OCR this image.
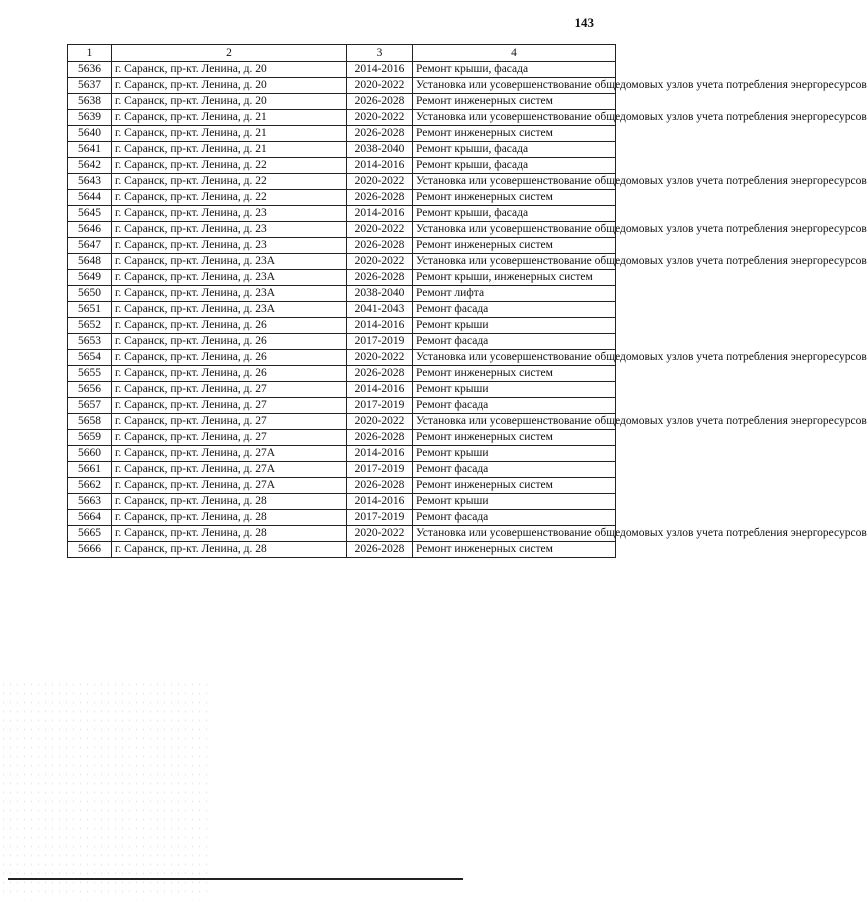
143
1	2	3	4
5636	г. Саранск, пр-кт. Ленина, д. 20	2014-2016	Ремонт крыши, фасада
5637	г. Саранск, пр-кт. Ленина, д. 20	2020-2022	Установка или усовершенствование общедомовых узлов учета потребления энергоресурсов
5638	г. Саранск, пр-кт. Ленина, д. 20	2026-2028	Ремонт инженерных систем
5639	г. Саранск, пр-кт. Ленина, д. 21	2020-2022	Установка или усовершенствование общедомовых узлов учета потребления энергоресурсов
5640	г. Саранск, пр-кт. Ленина, д. 21	2026-2028	Ремонт инженерных систем
5641	г. Саранск, пр-кт. Ленина, д. 21	2038-2040	Ремонт крыши, фасада
5642	г. Саранск, пр-кт. Ленина, д. 22	2014-2016	Ремонт крыши, фасада
5643	г. Саранск, пр-кт. Ленина, д. 22	2020-2022	Установка или усовершенствование общедомовых узлов учета потребления энергоресурсов
5644	г. Саранск, пр-кт. Ленина, д. 22	2026-2028	Ремонт инженерных систем
5645	г. Саранск, пр-кт. Ленина, д. 23	2014-2016	Ремонт крыши, фасада
5646	г. Саранск, пр-кт. Ленина, д. 23	2020-2022	Установка или усовершенствование общедомовых узлов учета потребления энергоресурсов
5647	г. Саранск, пр-кт. Ленина, д. 23	2026-2028	Ремонт инженерных систем
5648	г. Саранск, пр-кт. Ленина, д. 23А	2020-2022	Установка или усовершенствование общедомовых узлов учета потребления энергоресурсов
5649	г. Саранск, пр-кт. Ленина, д. 23А	2026-2028	Ремонт крыши, инженерных систем
5650	г. Саранск, пр-кт. Ленина, д. 23А	2038-2040	Ремонт лифта
5651	г. Саранск, пр-кт. Ленина, д. 23А	2041-2043	Ремонт фасада
5652	г. Саранск, пр-кт. Ленина, д. 26	2014-2016	Ремонт крыши
5653	г. Саранск, пр-кт. Ленина, д. 26	2017-2019	Ремонт фасада
5654	г. Саранск, пр-кт. Ленина, д. 26	2020-2022	Установка или усовершенствование общедомовых узлов учета потребления энергоресурсов
5655	г. Саранск, пр-кт. Ленина, д. 26	2026-2028	Ремонт инженерных систем
5656	г. Саранск, пр-кт. Ленина, д. 27	2014-2016	Ремонт крыши
5657	г. Саранск, пр-кт. Ленина, д. 27	2017-2019	Ремонт фасада
5658	г. Саранск, пр-кт. Ленина, д. 27	2020-2022	Установка или усовершенствование общедомовых узлов учета потребления энергоресурсов
5659	г. Саранск, пр-кт. Ленина, д. 27	2026-2028	Ремонт инженерных систем
5660	г. Саранск, пр-кт. Ленина, д. 27А	2014-2016	Ремонт крыши
5661	г. Саранск, пр-кт. Ленина, д. 27А	2017-2019	Ремонт фасада
5662	г. Саранск, пр-кт. Ленина, д. 27А	2026-2028	Ремонт инженерных систем
5663	г. Саранск, пр-кт. Ленина, д. 28	2014-2016	Ремонт крыши
5664	г. Саранск, пр-кт. Ленина, д. 28	2017-2019	Ремонт фасада
5665	г. Саранск, пр-кт. Ленина, д. 28	2020-2022	Установка или усовершенствование общедомовых узлов учета потребления энергоресурсов
5666	г. Саранск, пр-кт. Ленина, д. 28	2026-2028	Ремонт инженерных систем
